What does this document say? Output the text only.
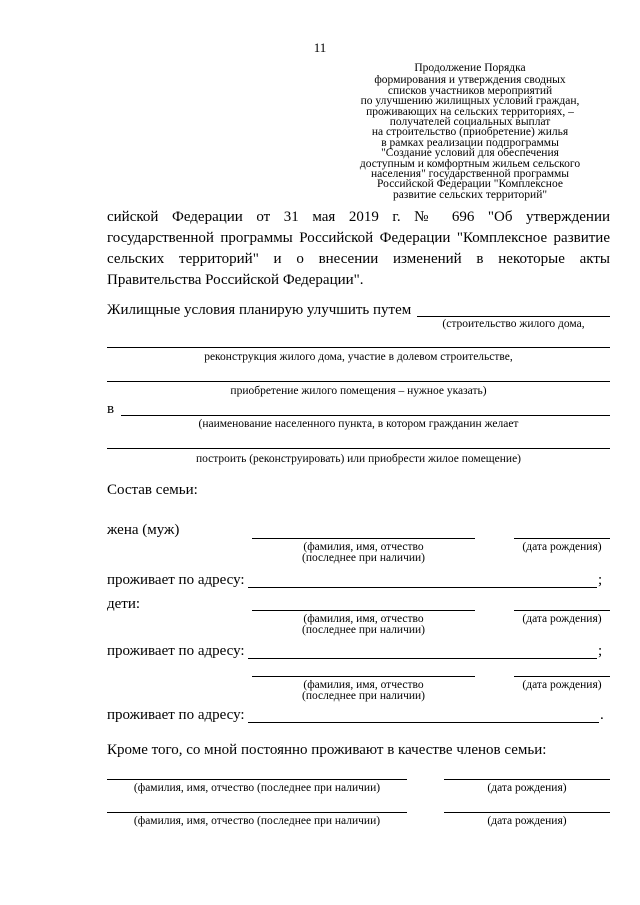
11
Продолжение Порядка
формирования и утверждения сводных
списков участников мероприятий
по улучшению жилищных условий граждан,
проживающих на сельских территориях, –
получателей социальных выплат
на строительство (приобретение) жилья
в рамках реализации подпрограммы
"Создание условий для обеспечения
доступным и комфортным жильем сельского
населения" государственной программы
Российской Федерации "Комплексное
развитие сельских территорий"
сийской Федерации от 31 мая 2019 г. № 696 "Об утверждении государственной программы Российской Федерации "Комплексное развитие сельских территорий" и о внесении изменений в некоторые акты Правительства Российской Федерации".
Жилищные условия планирую улучшить путем
(строительство жилого дома,
реконструкция жилого дома, участие в долевом строительстве,
приобретение жилого помещения – нужное указать)
в
(наименование населенного пункта, в котором гражданин желает
построить (реконструировать) или приобрести жилое помещение)
Состав семьи:
жена (муж)
(фамилия, имя, отчество
(последнее при наличии)
(дата рождения)
проживает по адресу:	;
дети:
(фамилия, имя, отчество
(последнее при наличии)
(дата рождения)
проживает по адресу:	;
(фамилия, имя, отчество
(последнее при наличии)
(дата рождения)
проживает по адресу:	.
Кроме того, со мной постоянно проживают в качестве членов семьи:
(фамилия, имя, отчество (последнее при наличии)	(дата рождения)
(фамилия, имя, отчество (последнее при наличии)	(дата рождения)
